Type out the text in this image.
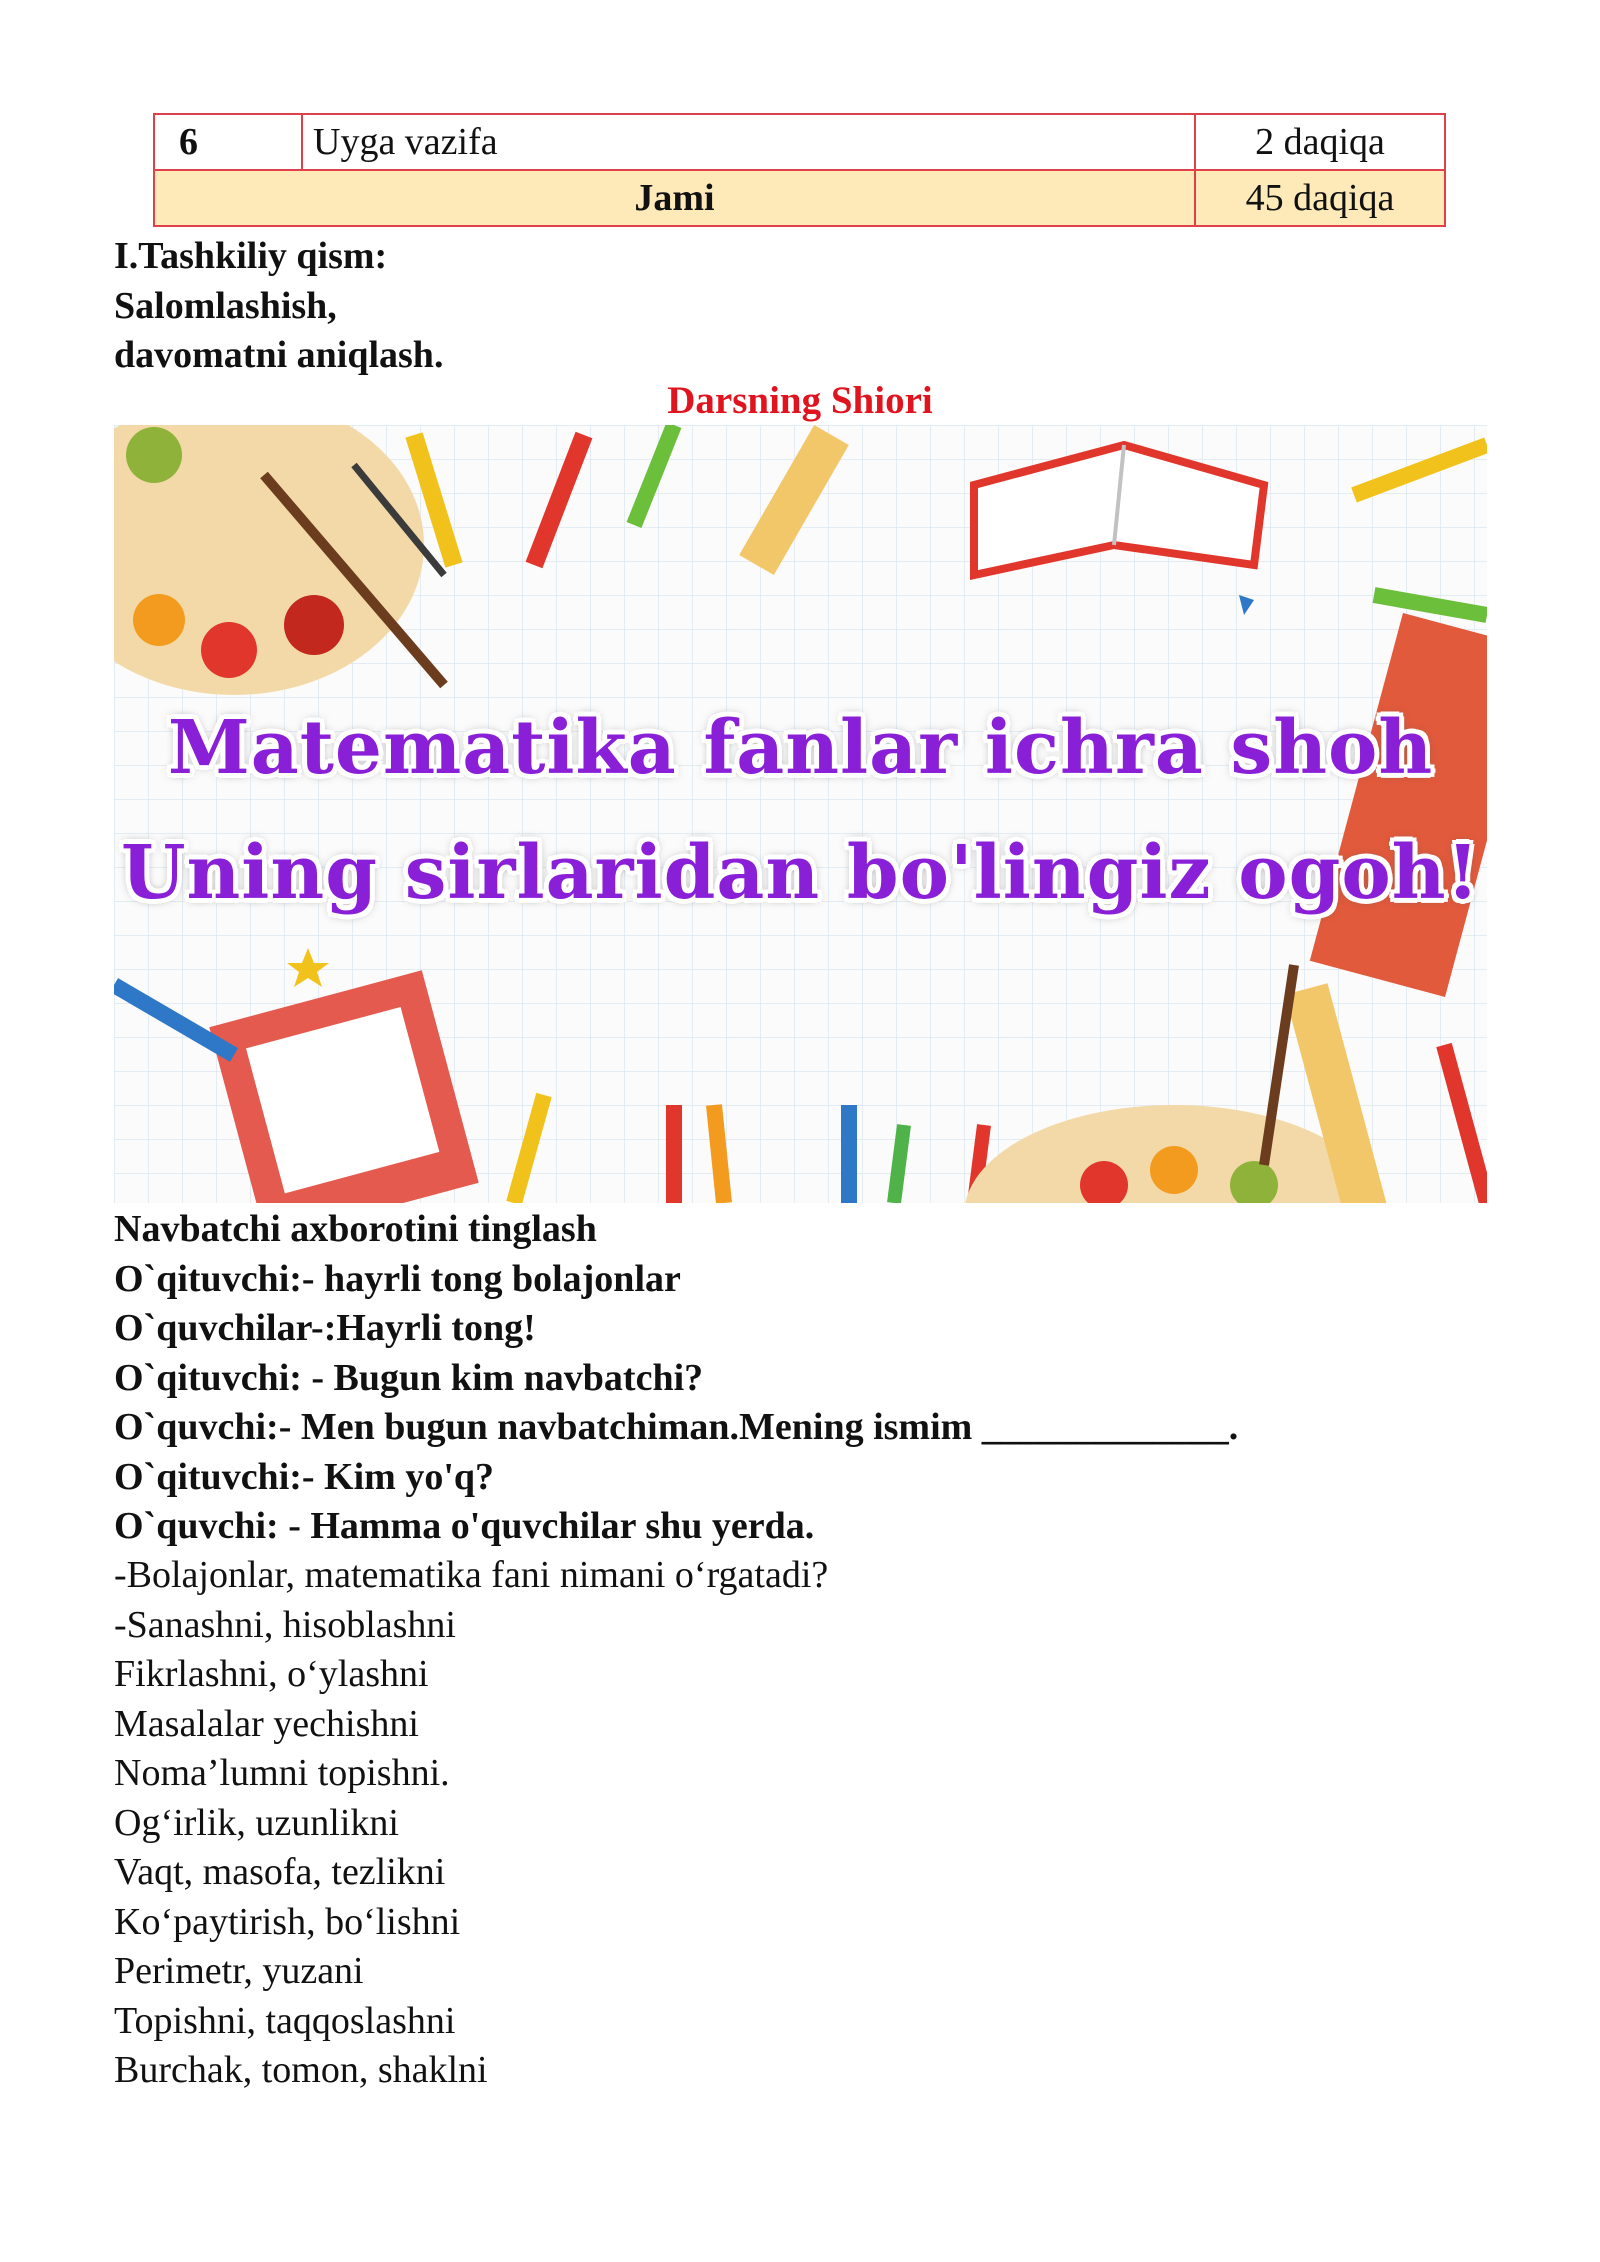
6	Uyga vazifa	2 daqiqa
Jami		45 daqiqa
I.Tashkiliy qism:
Salomlashish,
davomatni aniqlash.
Darsning Shiori
Matematika fanlar ichra shoh
Uning sirlaridan bo'lingiz ogoh!
Navbatchi axborotini tinglash
O`qituvchi:- hayrli tong bolajonlar
O`quvchilar-:Hayrli tong!
O`qituvchi: - Bugun kim navbatchi?
O`quvchi:- Men bugun navbatchiman.Mening ismim _____________.
O`qituvchi:- Kim yo'q?
O`quvchi: - Hamma o'quvchilar shu yerda.
-Bolajonlar, matematika fani nimani o‘rgatadi?
-Sanashni, hisoblashni
Fikrlashni, o‘ylashni
Masalalar yechishni
Noma’lumni topishni.
Og‘irlik, uzunlikni
Vaqt, masofa, tezlikni
Ko‘paytirish, bo‘lishni
Perimetr, yuzani
Topishni, taqqoslashni
Burchak, tomon, shaklni
